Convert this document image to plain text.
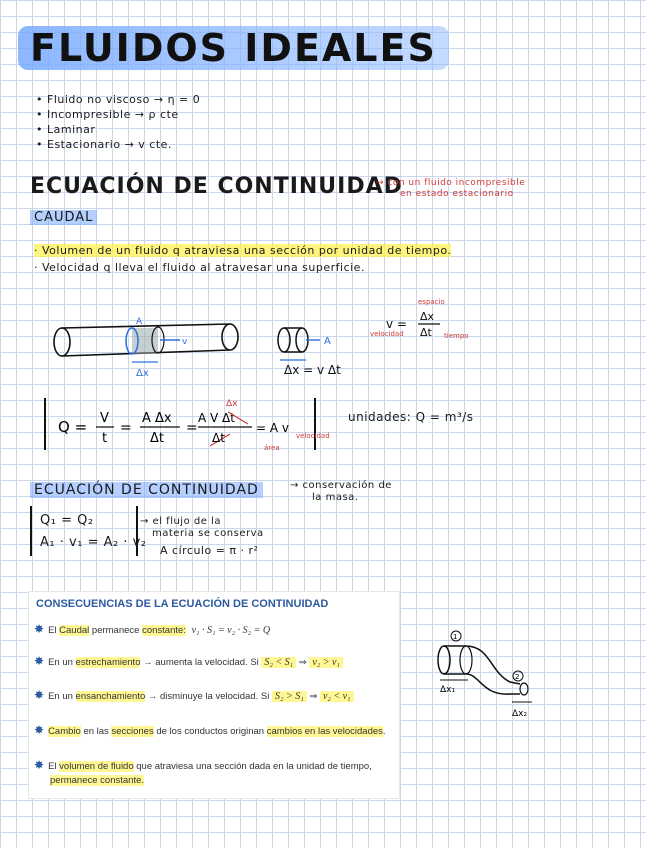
FLUIDOS IDEALES
• Fluido no viscoso → η = 0
• Incompresible → ρ cte
• Laminar
• Estacionario → v cte.
ECUACIÓN DE CONTINUIDAD
→ con un fluido incompresible
en estado estacionario
CAUDAL
· Volumen de un fluido q atraviesa una sección por unidad de tiempo.
· Velocidad q lleva el fluido al atravesar una superficie.
Δx
A
v	A
Δx = v Δt
v =
Δx
Δt
espacio
tiempo
velocidad
Q = V
t
=
A Δx
Δt
=
A V Δt
Δt
Δx
= A v
área
velocidad
unidades: Q = m³/s
ECUACIÓN DE CONTINUIDAD	→ conservación de
la masa.
Q₁ = Q₂
A₁ · v₁ = A₂ · v₂
→ el flujo de la
materia se conserva
A círculo = π · r²
CONSECUENCIAS DE LA ECUACIÓN DE CONTINUIDAD
✸ El Caudal permanece constante: v₁ · S₁ = v₂ · S₂ = Q
✸ En un estrechamiento → aumenta la velocidad. Si S₂ < S₁ ⇒ v₂ > v₁
✸ En un ensanchamiento → disminuye la velocidad. Si S₂ > S₁ ⇒ v₂ < v₁
✸ Cambio en las secciones de los conductos originan cambios en las velocidades.
✸ El volumen de fluido que atraviesa una sección dada en la unidad de tiempo,
permanece constante.
1
2
Δx₁
Δx₂
